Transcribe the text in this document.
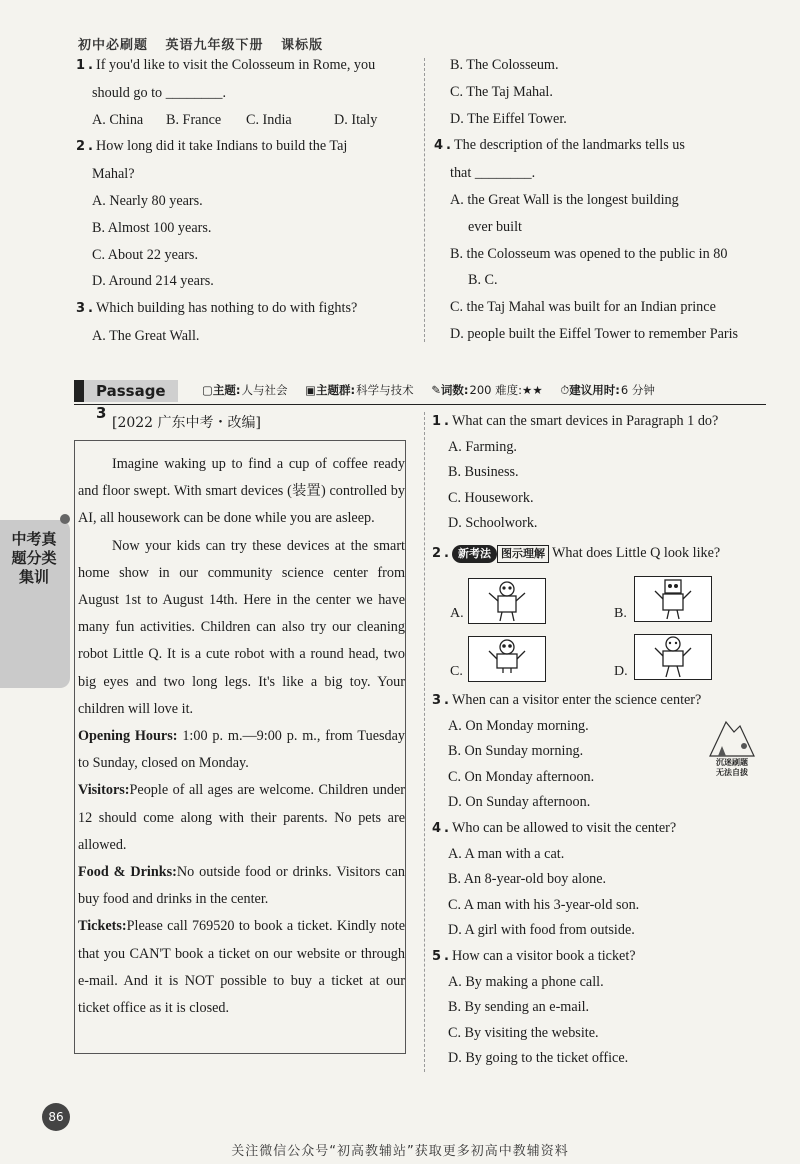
初中必刷题 英语九年级下册 课标版
1 . If you'd like to visit the Colosseum in Rome, you
should go to ________.
A. China	B. France	C. India	D. Italy
2 . How long did it take Indians to build the Taj
Mahal?
A. Nearly 80 years.
B. Almost 100 years.
C. About 22 years.
D. Around 214 years.
3 . Which building has nothing to do with fights?
A. The Great Wall.
B. The Colosseum.
C. The Taj Mahal.
D. The Eiffel Tower.
4 . The description of the landmarks tells us
that ________.
A. the Great Wall is the longest building
ever built
B. the Colosseum was opened to the public in 80
B. C.
C. the Taj Mahal was built for an Indian prince
D. people built the Eiffel Tower to remember Paris
Passage 3
▢主题:人与社会 ▣主题群:科学与技术 ✎词数:200 难度:★★ ⏱建议用时:6 分钟
[2022 广东中考・改编]
中考真题分类集训

Imagine waking up to find a cup of coffee ready and floor swept. With smart devices (装置) controlled by AI, all housework can be done while you are asleep.

Now your kids can try these devices at the smart home show in our community science center from August 1st to August 14th. Here in the center we have many fun activities. Children can also try our cleaning robot Little Q. It is a cute robot with a round head, two big eyes and two long legs. It's like a big toy. Your children will love it.

Opening Hours: 1:00 p. m.—9:00 p. m., from Tuesday to Sunday, closed on Monday.

Visitors:People of all ages are welcome. Children under 12 should come along with their parents. No pets are allowed.

Food & Drinks:No outside food or drinks. Visitors can buy food and drinks in the center.

Tickets:Please call 769520 to book a ticket. Kindly note that you CAN'T book a ticket on our website or through e-mail. And it is NOT possible to buy a ticket at our ticket office as it is closed.

1 . What can the smart devices in Paragraph 1 do?
A. Farming.
B. Business.
C. Housework.
D. Schoolwork.
2 . 新考法 图示理解 What does Little Q look like?
A.	B.
C.	D.
3 . When can a visitor enter the science center?
A. On Monday morning.
B. On Sunday morning.
C. On Monday afternoon.
D. On Sunday afternoon.
4 . Who can be allowed to visit the center?
A. A man with a cat.
B. An 8-year-old boy alone.
C. A man with his 3-year-old son.
D. A girl with food from outside.
5 . How can a visitor book a ticket?
A. By making a phone call.
B. By sending an e-mail.
C. By visiting the website.
D. By going to the ticket office.
沉迷刷题
无法自拔
86
关注微信公众号“初高教辅站”获取更多初高中教辅资料
